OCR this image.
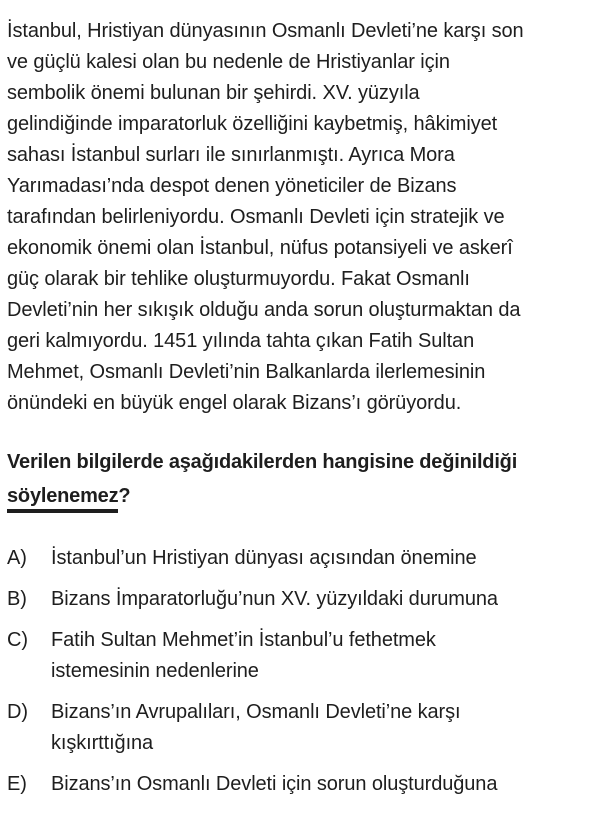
İstanbul, Hristiyan dünyasının Osmanlı Devleti’ne karşı son
ve güçlü kalesi olan bu nedenle de Hristiyanlar için
sembolik önemi bulunan bir şehirdi. XV. yüzyıla
gelindiğinde imparatorluk özelliğini kaybetmiş, hâkimiyet
sahası İstanbul surları ile sınırlanmıştı. Ayrıca Mora
Yarımadası’nda despot denen yöneticiler de Bizans
tarafından belirleniyordu. Osmanlı Devleti için stratejik ve
ekonomik önemi olan İstanbul, nüfus potansiyeli ve askerî
güç olarak bir tehlike oluşturmuyordu. Fakat Osmanlı
Devleti’nin her sıkışık olduğu anda sorun oluşturmaktan da
geri kalmıyordu. 1451 yılında tahta çıkan Fatih Sultan
Mehmet, Osmanlı Devleti’nin Balkanlarda ilerlemesinin
önündeki en büyük engel olarak Bizans’ı görüyordu.
Verilen bilgilerde aşağıdakilerden hangisine değinildiği
söylenemez?
A)	İstanbul’un Hristiyan dünyası açısından önemine
B)	Bizans İmparatorluğu’nun XV. yüzyıldaki durumuna
C)	Fatih Sultan Mehmet’in İstanbul’u fethetmek
istemesinin nedenlerine
D)	Bizans’ın Avrupalıları, Osmanlı Devleti’ne karşı
kışkırttığına
E)	Bizans’ın Osmanlı Devleti için sorun oluşturduğuna
